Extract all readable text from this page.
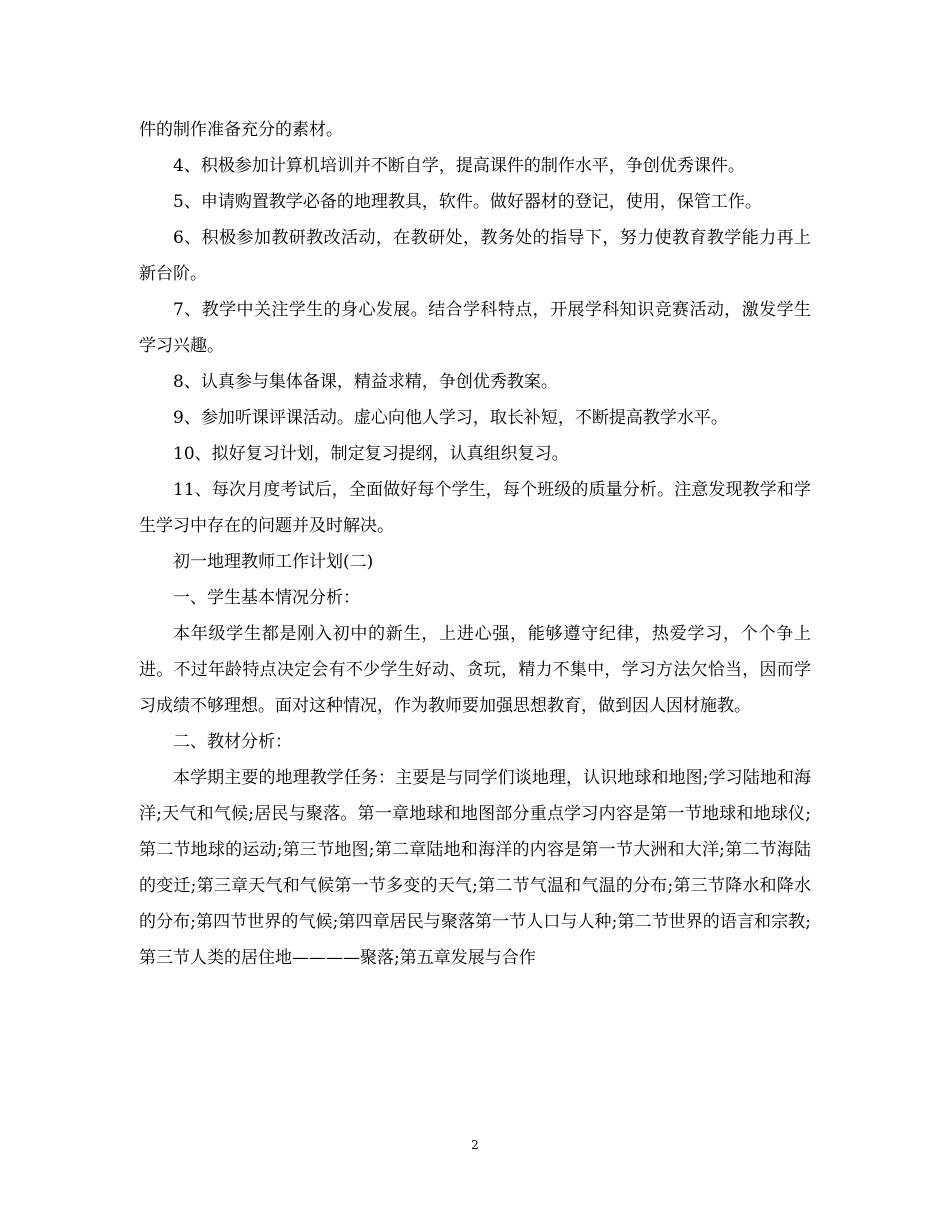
件的制作准备充分的素材。

4、积极参加计算机培训并不断自学，提高课件的制作水平，争创优秀课件。

5、申请购置教学必备的地理教具，软件。做好器材的登记，使用，保管工作。

6、积极参加教研教改活动，在教研处，教务处的指导下，努力使教育教学能力再上新台阶。

7、教学中关注学生的身心发展。结合学科特点，开展学科知识竞赛活动，激发学生学习兴趣。

8、认真参与集体备课，精益求精，争创优秀教案。

9、参加听课评课活动。虚心向他人学习，取长补短，不断提高教学水平。

10、拟好复习计划，制定复习提纲，认真组织复习。

11、每次月度考试后，全面做好每个学生，每个班级的质量分析。注意发现教学和学生学习中存在的问题并及时解决。

初一地理教师工作计划(二)

一、学生基本情况分析：

本年级学生都是刚入初中的新生，上进心强，能够遵守纪律，热爱学习，个个争上进。不过年龄特点决定会有不少学生好动、贪玩，精力不集中，学习方法欠恰当，因而学习成绩不够理想。面对这种情况，作为教师要加强思想教育，做到因人因材施教。

二、教材分析：

本学期主要的地理教学任务：主要是与同学们谈地理，认识地球和地图;学习陆地和海洋;天气和气候;居民与聚落。第一章地球和地图部分重点学习内容是第一节地球和地球仪;第二节地球的运动;第三节地图;第二章陆地和海洋的内容是第一节大洲和大洋;第二节海陆的变迁;第三章天气和气候第一节多变的天气;第二节气温和气温的分布;第三节降水和降水的分布;第四节世界的气候;第四章居民与聚落第一节人口与人种;第二节世界的语言和宗教;第三节人类的居住地————聚落;第五章发展与合作

2
